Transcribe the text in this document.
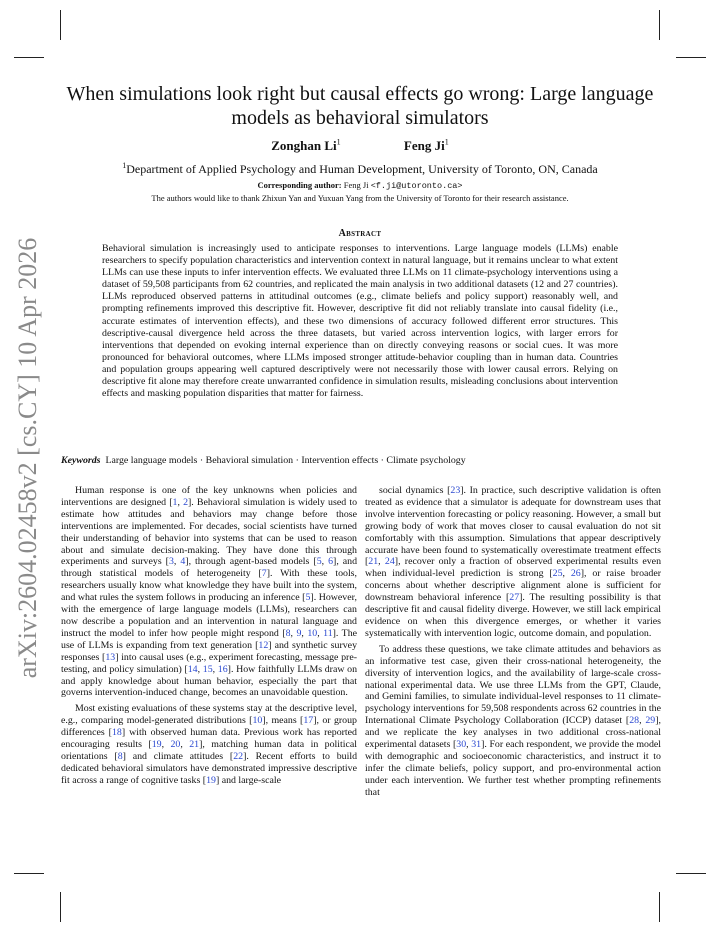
arXiv:2604.02458v2 [cs.CY] 10 Apr 2026
When simulations look right but causal effects go wrong: Large language models as behavioral simulators
Zonghan Li$^1$	Feng Ji$^1$
$^1$Department of Applied Psychology and Human Development, University of Toronto, ON, Canada
Corresponding author: Feng Ji <f.ji@utoronto.ca>
The authors would like to thank Zhixun Yan and Yuxuan Yang from the University of Toronto for their research assistance.
Abstract
Behavioral simulation is increasingly used to anticipate responses to interventions. Large language models (LLMs) enable researchers to specify population characteristics and intervention context in natural language, but it remains unclear to what extent LLMs can use these inputs to infer intervention effects. We evaluated three LLMs on 11 climate-psychology interventions using a dataset of 59,508 participants from 62 countries, and replicated the main analysis in two additional datasets (12 and 27 countries). LLMs reproduced observed patterns in attitudinal outcomes (e.g., climate beliefs and policy support) reasonably well, and prompting refinements improved this descriptive fit. However, descriptive fit did not reliably translate into causal fidelity (i.e., accurate estimates of intervention effects), and these two dimensions of accuracy followed different error structures. This descriptive-causal divergence held across the three datasets, but varied across intervention logics, with larger errors for interventions that depended on evoking internal experience than on directly conveying reasons or social cues. It was more pronounced for behavioral outcomes, where LLMs imposed stronger attitude-behavior coupling than in human data. Countries and population groups appearing well captured descriptively were not necessarily those with lower causal errors. Relying on descriptive fit alone may therefore create unwarranted confidence in simulation results, misleading conclusions about intervention effects and masking population disparities that matter for fairness.
Keywords Large language models · Behavioral simulation · Intervention effects · Climate psychology

Human response is one of the key unknowns when policies and interventions are designed [1, 2]. Behavioral simulation is widely used to estimate how attitudes and behaviors may change before those interventions are implemented. For decades, social scientists have turned their understanding of behavior into systems that can be used to reason about and simulate decision-making. They have done this through experiments and surveys [3, 4], through agent-based models [5, 6], and through statistical models of heterogeneity [7]. With these tools, researchers usually know what knowledge they have built into the system, and what rules the system follows in producing an inference [5]. However, with the emergence of large language models (LLMs), researchers can now describe a population and an intervention in natural language and instruct the model to infer how people might respond [8, 9, 10, 11]. The use of LLMs is expanding from text generation [12] and synthetic survey responses [13] into causal uses (e.g., experiment forecasting, message pre-testing, and policy simulation) [14, 15, 16]. How faithfully LLMs draw on and apply knowledge about human behavior, especially the part that governs intervention-induced change, becomes an unavoidable question.

Most existing evaluations of these systems stay at the descriptive level, e.g., comparing model-generated distributions [10], means [17], or group differences [18] with observed human data. Previous work has reported encouraging results [19, 20, 21], matching human data in political orientations [8] and climate attitudes [22]. Recent efforts to build dedicated behavioral simulators have demonstrated impressive descriptive fit across a range of cognitive tasks [19] and large-scale

social dynamics [23]. In practice, such descriptive validation is often treated as evidence that a simulator is adequate for downstream uses that involve intervention forecasting or policy reasoning. However, a small but growing body of work that moves closer to causal evaluation do not sit comfortably with this assumption. Simulations that appear descriptively accurate have been found to systematically overestimate treatment effects [21, 24], recover only a fraction of observed experimental results even when individual-level prediction is strong [25, 26], or raise broader concerns about whether descriptive alignment alone is sufficient for downstream behavioral inference [27]. The resulting possibility is that descriptive fit and causal fidelity diverge. However, we still lack empirical evidence on when this divergence emerges, or whether it varies systematically with intervention logic, outcome domain, and population.

To address these questions, we take climate attitudes and behaviors as an informative test case, given their cross-national heterogeneity, the diversity of intervention logics, and the availability of large-scale cross-national experimental data. We use three LLMs from the GPT, Claude, and Gemini families, to simulate individual-level responses to 11 climate-psychology interventions for 59,508 respondents across 62 countries in the International Climate Psychology Collaboration (ICCP) dataset [28, 29], and we replicate the key analyses in two additional cross-national experimental datasets [30, 31]. For each respondent, we provide the model with demographic and socioeconomic characteristics, and instruct it to infer the climate beliefs, policy support, and pro-environmental action under each intervention. We further test whether prompting refinements that
